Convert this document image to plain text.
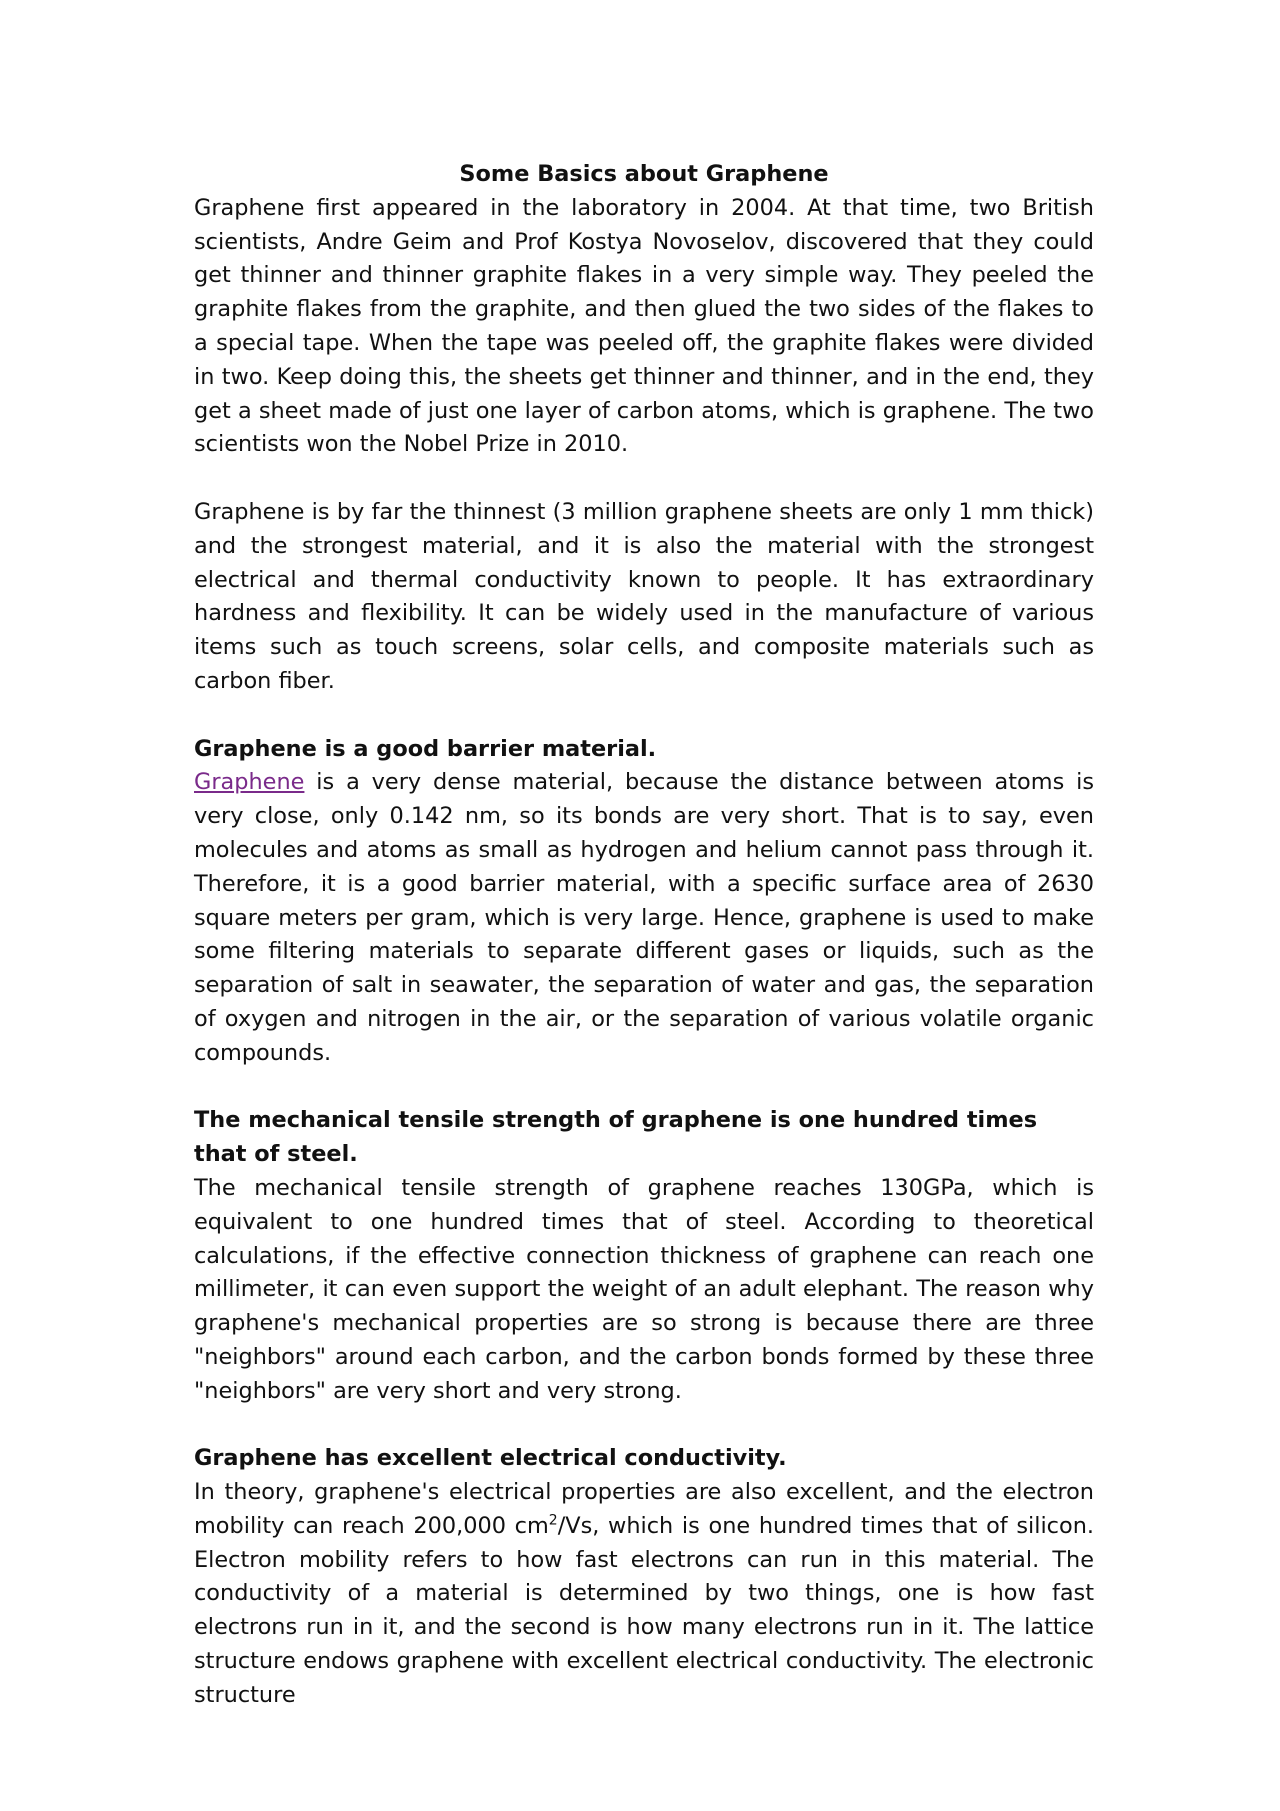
Some Basics about Graphene

Graphene first appeared in the laboratory in 2004. At that time, two British scientists, Andre Geim and Prof Kostya Novoselov, discovered that they could get thinner and thinner graphite flakes in a very simple way. They peeled the graphite flakes from the graphite, and then glued the two sides of the flakes to a special tape. When the tape was peeled off, the graphite flakes were divided in two. Keep doing this, the sheets get thinner and thinner, and in the end, they get a sheet made of just one layer of carbon atoms, which is graphene. The two scientists won the Nobel Prize in 2010.

Graphene is by far the thinnest (3 million graphene sheets are only 1 mm thick) and the strongest material, and it is also the material with the strongest electrical and thermal conductivity known to people. It has extraordinary hardness and flexibility. It can be widely used in the manufacture of various items such as touch screens, solar cells, and composite materials such as carbon fiber.

Graphene is a good barrier material.

Graphene is a very dense material, because the distance between atoms is very close, only 0.142 nm, so its bonds are very short. That is to say, even molecules and atoms as small as hydrogen and helium cannot pass through it. Therefore, it is a good barrier material, with a specific surface area of 2630 square meters per gram, which is very large. Hence, graphene is used to make some filtering materials to separate different gases or liquids, such as the separation of salt in seawater, the separation of water and gas, the separation of oxygen and nitrogen in the air, or the separation of various volatile organic compounds.

The mechanical tensile strength of graphene is one hundred times that of steel.

The mechanical tensile strength of graphene reaches 130GPa, which is equivalent to one hundred times that of steel. According to theoretical calculations, if the effective connection thickness of graphene can reach one millimeter, it can even support the weight of an adult elephant. The reason why graphene's mechanical properties are so strong is because there are three "neighbors" around each carbon, and the carbon bonds formed by these three "neighbors" are very short and very strong.

Graphene has excellent electrical conductivity.

In theory, graphene's electrical properties are also excellent, and the electron mobility can reach 200,000 $cm^2/Vs$, which is one hundred times that of silicon. Electron mobility refers to how fast electrons can run in this material. The conductivity of a material is determined by two things, one is how fast electrons run in it, and the second is how many electrons run in it. The lattice structure endows graphene with excellent electrical conductivity. The electronic structure
